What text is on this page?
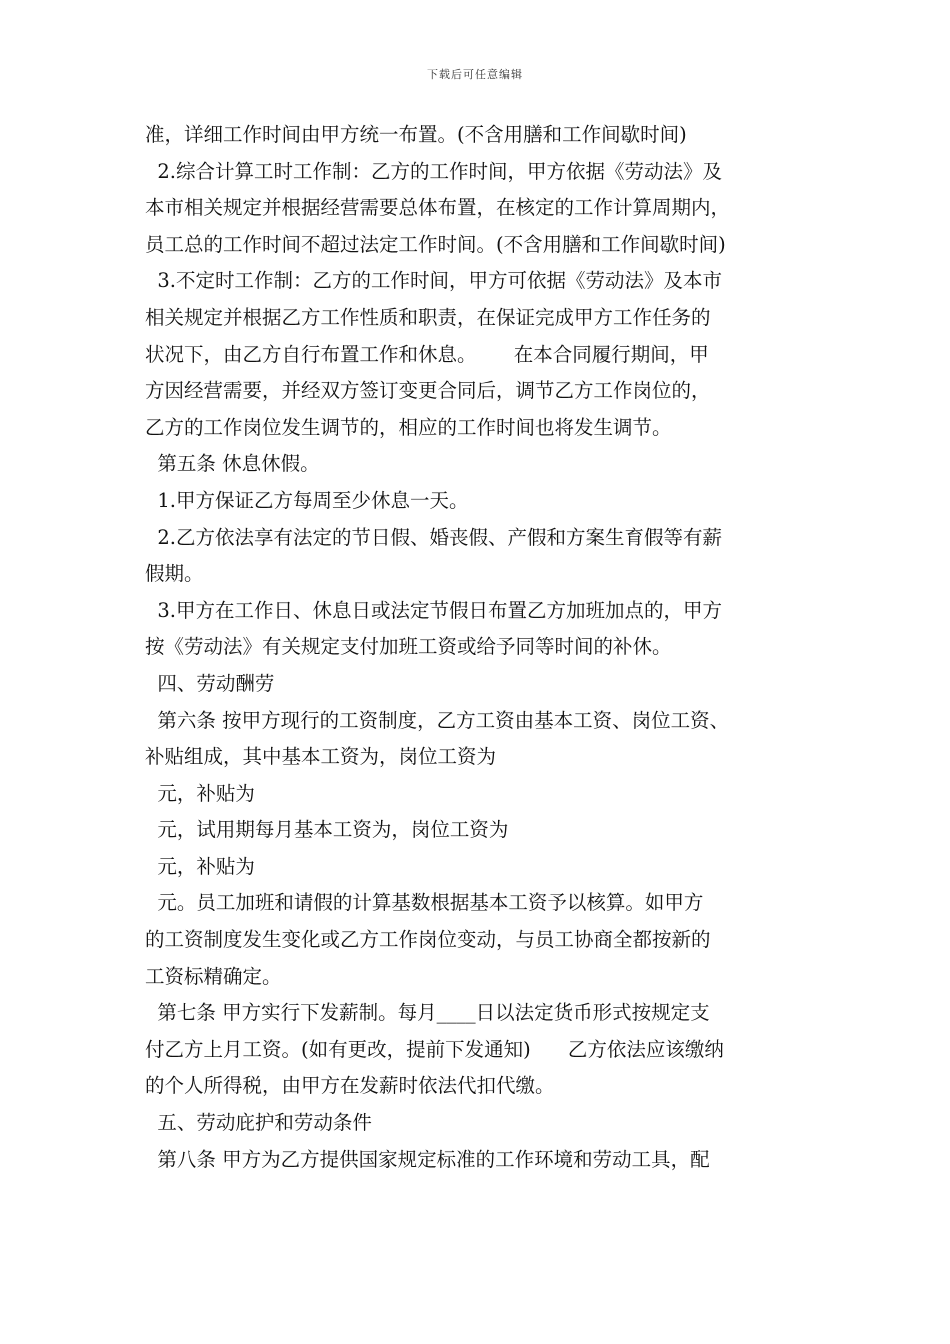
下载后可任意编辑
准，详细工作时间由甲方统一布置。(不含用膳和工作间歇时间)
2.综合计算工时工作制：乙方的工作时间，甲方依据《劳动法》及
本市相关规定并根据经营需要总体布置，在核定的工作计算周期内，
员工总的工作时间不超过法定工作时间。(不含用膳和工作间歇时间)
3.不定时工作制：乙方的工作时间，甲方可依据《劳动法》及本市
相关规定并根据乙方工作性质和职责，在保证完成甲方工作任务的
状况下，由乙方自行布置工作和休息。      在本合同履行期间，甲
方因经营需要，并经双方签订变更合同后，调节乙方工作岗位的，
乙方的工作岗位发生调节的，相应的工作时间也将发生调节。
第五条 休息休假。
1.甲方保证乙方每周至少休息一天。
2.乙方依法享有法定的节日假、婚丧假、产假和方案生育假等有薪
假期。
3.甲方在工作日、休息日或法定节假日布置乙方加班加点的，甲方
按《劳动法》有关规定支付加班工资或给予同等时间的补休。
四、劳动酬劳
第六条 按甲方现行的工资制度，乙方工资由基本工资、岗位工资、
补贴组成，其中基本工资为，岗位工资为
元，补贴为
元，试用期每月基本工资为，岗位工资为
元，补贴为
元。员工加班和请假的计算基数根据基本工资予以核算。如甲方
的工资制度发生变化或乙方工作岗位变动，与员工协商全都按新的
工资标精确定。
第七条 甲方实行下发薪制。每月____日以法定货币形式按规定支
付乙方上月工资。(如有更改，提前下发通知)      乙方依法应该缴纳
的个人所得税，由甲方在发薪时依法代扣代缴。
五、劳动庇护和劳动条件
第八条 甲方为乙方提供国家规定标准的工作环境和劳动工具，配
